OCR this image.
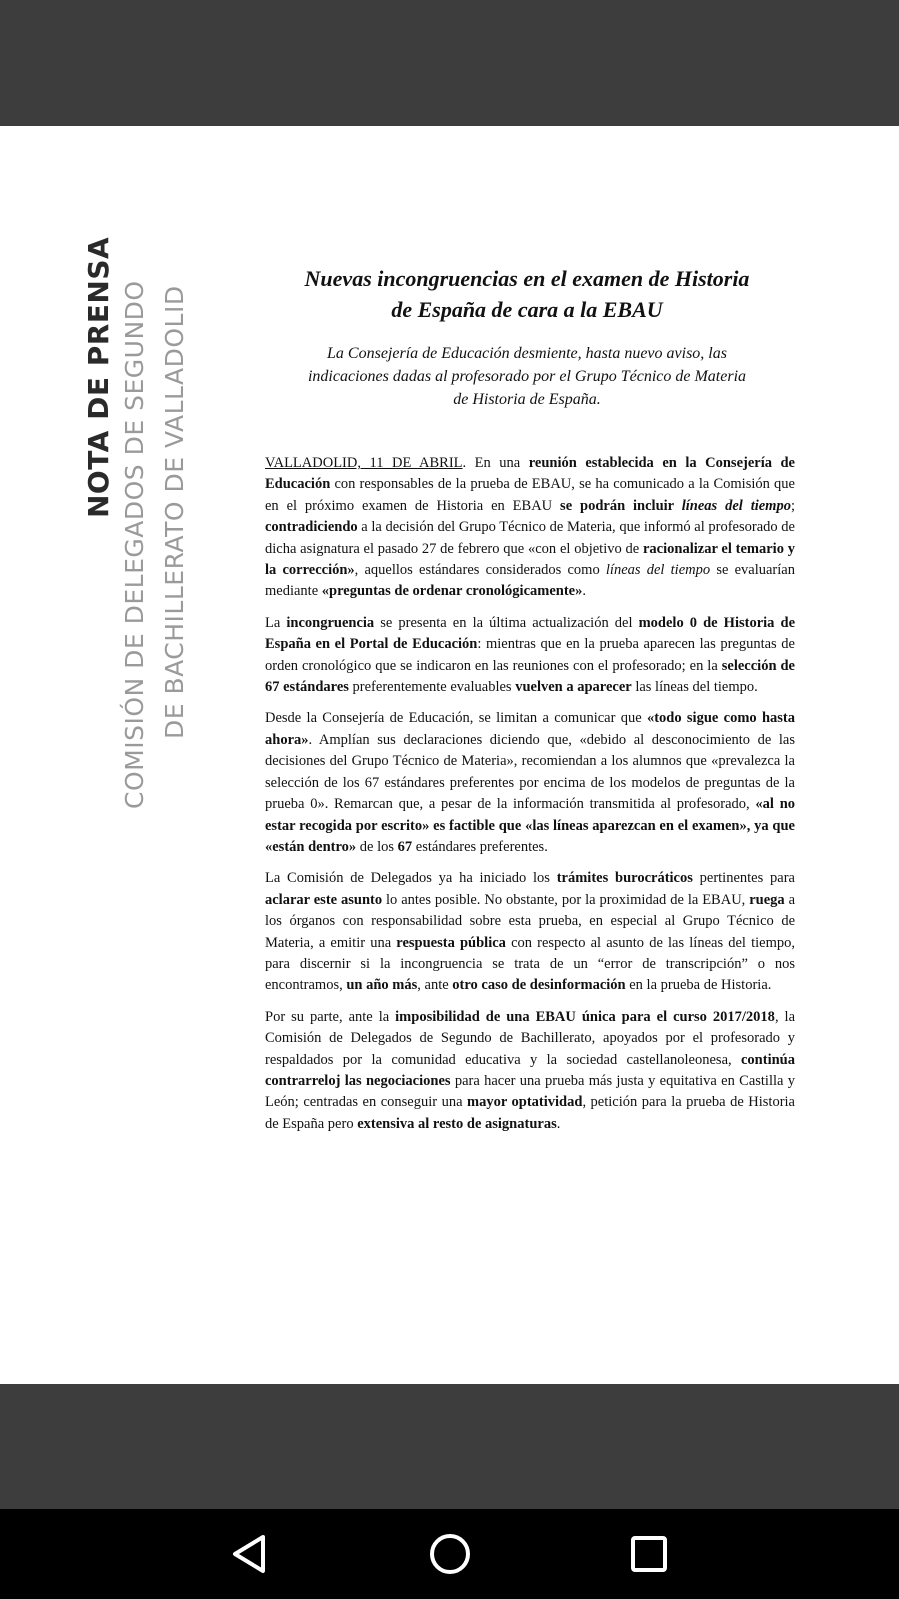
NOTA DE PRENSA COMISIÓN DE DELEGADOS DE SEGUNDO DE BACHILLERATO DE VALLADOLID
Nuevas incongruencias en el examen de Historia
de España de cara a la EBAU
La Consejería de Educación desmiente, hasta nuevo aviso, las
indicaciones dadas al profesorado por el Grupo Técnico de Materia
de Historia de España.

VALLADOLID, 11 DE ABRIL. En una reunión establecida en la Consejería de Educación con responsables de la prueba de EBAU, se ha comunicado a la Comisión que en el próximo examen de Historia en EBAU se podrán incluir líneas del tiempo; contradiciendo a la decisión del Grupo Técnico de Materia, que informó al profesorado de dicha asignatura el pasado 27 de febrero que «con el objetivo de racionalizar el temario y la corrección», aquellos estándares considerados como líneas del tiempo se evaluarían mediante «preguntas de ordenar cronológicamente».

La incongruencia se presenta en la última actualización del modelo 0 de Historia de España en el Portal de Educación: mientras que en la prueba aparecen las preguntas de orden cronológico que se indicaron en las reuniones con el profesorado; en la selección de 67 estándares preferentemente evaluables vuelven a aparecer las líneas del tiempo.

Desde la Consejería de Educación, se limitan a comunicar que «todo sigue como hasta ahora». Amplían sus declaraciones diciendo que, «debido al desconocimiento de las decisiones del Grupo Técnico de Materia», recomiendan a los alumnos que «prevalezca la selección de los 67 estándares preferentes por encima de los modelos de preguntas de la prueba 0». Remarcan que, a pesar de la información transmitida al profesorado, «al no estar recogida por escrito» es factible que «las líneas aparezcan en el examen», ya que «están dentro» de los 67 estándares preferentes.

La Comisión de Delegados ya ha iniciado los trámites burocráticos pertinentes para aclarar este asunto lo antes posible. No obstante, por la proximidad de la EBAU, ruega a los órganos con responsabilidad sobre esta prueba, en especial al Grupo Técnico de Materia, a emitir una respuesta pública con respecto al asunto de las líneas del tiempo, para discernir si la incongruencia se trata de un “error de transcripción” o nos encontramos, un año más, ante otro caso de desinformación en la prueba de Historia.

Por su parte, ante la imposibilidad de una EBAU única para el curso 2017/2018, la Comisión de Delegados de Segundo de Bachillerato, apoyados por el profesorado y respaldados por la comunidad educativa y la sociedad castellanoleonesa, continúa contrarreloj las negociaciones para hacer una prueba más justa y equitativa en Castilla y León; centradas en conseguir una mayor optatividad, petición para la prueba de Historia de España pero extensiva al resto de asignaturas.
